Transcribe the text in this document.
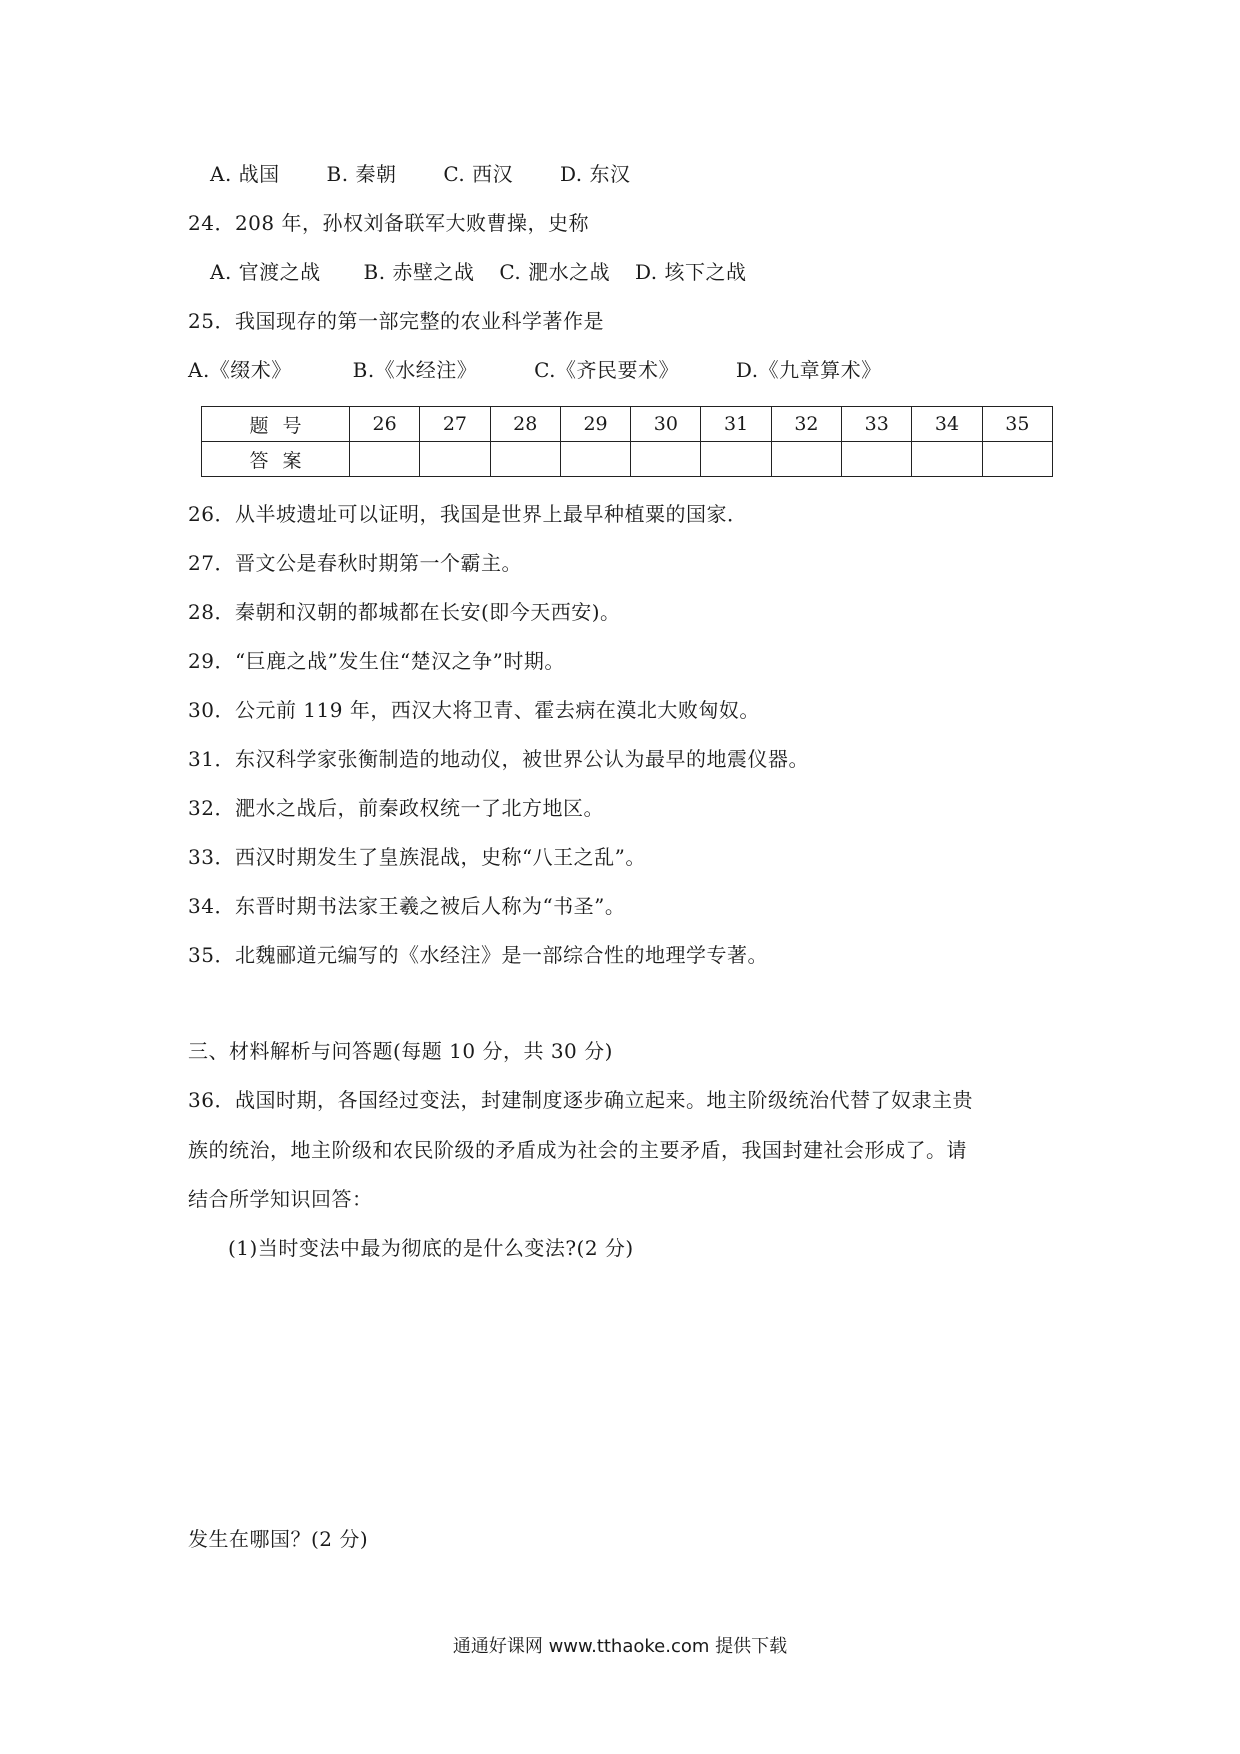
A. 战国 B. 秦朝 C. 西汉 D. 东汉
24．208 年，孙权刘备联军大败曹操，史称
A. 官渡之战 B. 赤壁之战 C. 淝水之战 D. 垓下之战
25．我国现存的第一部完整的农业科学著作是
A.《缀术》	B.《水经注》	C.《齐民要术》	D.《九章算术》
题号	26	27	28	29	30	31	32	33	34	35
答案										
26．从半坡遗址可以证明，我国是世界上最早种植粟的国家．
27．晋文公是春秋时期第一个霸主。
28．秦朝和汉朝的都城都在长安(即今天西安)。
29．“巨鹿之战”发生住“楚汉之争”时期。
30．公元前 119 年，西汉大将卫青、霍去病在漠北大败匈奴。
31．东汉科学家张衡制造的地动仪，被世界公认为最早的地震仪器。
32．淝水之战后，前秦政权统一了北方地区。
33．西汉时期发生了皇族混战，史称“八王之乱”。
34．东晋时期书法家王羲之被后人称为“书圣”。
35．北魏郦道元编写的《水经注》是一部综合性的地理学专著。
三、材料解析与问答题(每题 10 分，共 30 分)
36．战国时期，各国经过变法，封建制度逐步确立起来。地主阶级统治代替了奴隶主贵
族的统治，地主阶级和农民阶级的矛盾成为社会的主要矛盾，我国封建社会形成了。请
结合所学知识回答：
(1)当时变法中最为彻底的是什么变法?(2 分)
发生在哪国？(2 分)
通通好课网 www.tthaoke.com 提供下载
